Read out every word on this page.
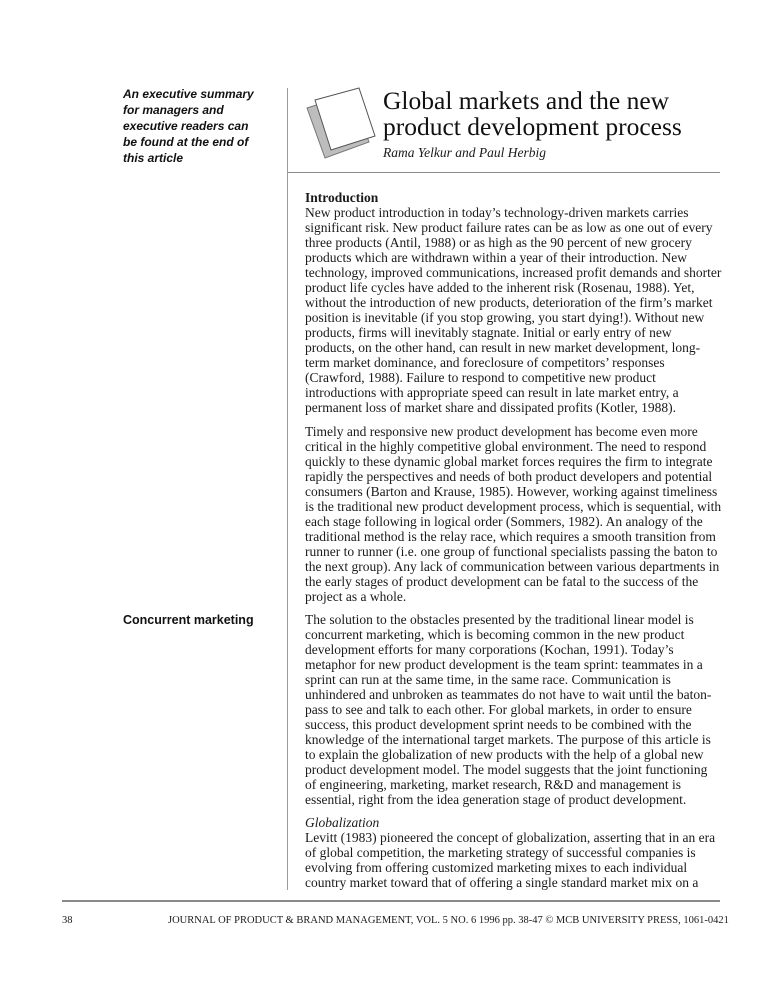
An executive summary
for managers and
executive readers can
be found at the end of
this article
Global markets and the new
product development process
Rama Yelkur and Paul Herbig
Introduction
New product introduction in today’s technology-driven markets carries
significant risk. New product failure rates can be as low as one out of every
three products (Antil, 1988) or as high as the 90 percent of new grocery
products which are withdrawn within a year of their introduction. New
technology, improved communications, increased profit demands and shorter
product life cycles have added to the inherent risk (Rosenau, 1988). Yet,
without the introduction of new products, deterioration of the firm’s market
position is inevitable (if you stop growing, you start dying!). Without new
products, firms will inevitably stagnate. Initial or early entry of new
products, on the other hand, can result in new market development, long-
term market dominance, and foreclosure of competitors’ responses
(Crawford, 1988). Failure to respond to competitive new product
introductions with appropriate speed can result in late market entry, a
permanent loss of market share and dissipated profits (Kotler, 1988).
Timely and responsive new product development has become even more
critical in the highly competitive global environment. The need to respond
quickly to these dynamic global market forces requires the firm to integrate
rapidly the perspectives and needs of both product developers and potential
consumers (Barton and Krause, 1985). However, working against timeliness
is the traditional new product development process, which is sequential, with
each stage following in logical order (Sommers, 1982). An analogy of the
traditional method is the relay race, which requires a smooth transition from
runner to runner (i.e. one group of functional specialists passing the baton to
the next group). Any lack of communication between various departments in
the early stages of product development can be fatal to the success of the
project as a whole.
Concurrent marketing	The solution to the obstacles presented by the traditional linear model is
concurrent marketing, which is becoming common in the new product
development efforts for many corporations (Kochan, 1991). Today’s
metaphor for new product development is the team sprint: teammates in a
sprint can run at the same time, in the same race. Communication is
unhindered and unbroken as teammates do not have to wait until the baton-
pass to see and talk to each other. For global markets, in order to ensure
success, this product development sprint needs to be combined with the
knowledge of the international target markets. The purpose of this article is
to explain the globalization of new products with the help of a global new
product development model. The model suggests that the joint functioning
of engineering, marketing, market research, R&D and management is
essential, right from the idea generation stage of product development.
Globalization
Levitt (1983) pioneered the concept of globalization, asserting that in an era
of global competition, the marketing strategy of successful companies is
evolving from offering customized marketing mixes to each individual
country market toward that of offering a single standard market mix on a
38	JOURNAL OF PRODUCT & BRAND MANAGEMENT, VOL. 5 NO. 6 1996 pp. 38-47 © MCB UNIVERSITY PRESS, 1061-0421
